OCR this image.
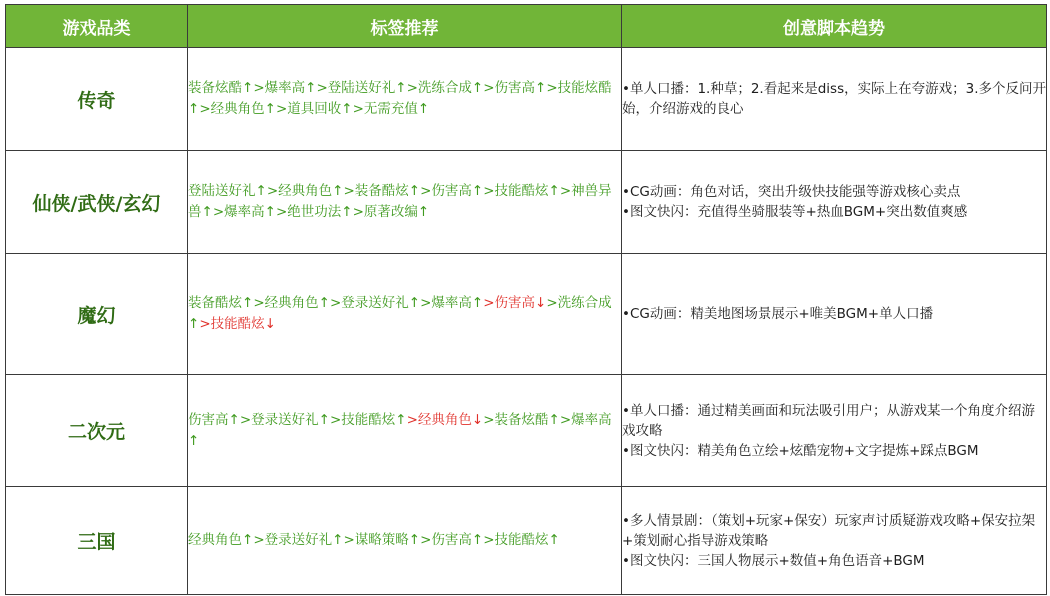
游戏品类	标签推荐	创意脚本趋势
传奇	装备炫酷↑>爆率高↑>登陆送好礼↑>洗练合成↑>伤害高↑>技能炫酷↑>经典角色↑>道具回收↑>无需充值↑	•单人口播：1.种草；2.看起来是diss，实际上在夸游戏；3.多个反问开始，介绍游戏的良心

仙侠/武侠/玄幻	登陆送好礼↑>经典角色↑>装备酷炫↑>伤害高↑>技能酷炫↑>神兽异兽↑>爆率高↑>绝世功法↑>原著改编↑	•CG动画：角色对话，突出升级快技能强等游戏核心卖点
•图文快闪：充值得坐骑服装等+热血BGM+突出数值爽感

魔幻	装备酷炫↑>经典角色↑>登录送好礼↑>爆率高↑>伤害高↓>洗练合成↑>技能酷炫↓	•CG动画：精美地图场景展示+唯美BGM+单人口播

二次元	伤害高↑>登录送好礼↑>技能酷炫↑>经典角色↓>装备炫酷↑>爆率高↑	•单人口播：通过精美画面和玩法吸引用户；从游戏某一个角度介绍游戏攻略
•图文快闪：精美角色立绘+炫酷宠物+文字提炼+踩点BGM

三国	经典角色↑>登录送好礼↑>谋略策略↑>伤害高↑>技能酷炫↑	•多人情景剧：（策划+玩家+保安）玩家声讨质疑游戏攻略+保安拉架+策划耐心指导游戏策略
•图文快闪：三国人物展示+数值+角色语音+BGM
